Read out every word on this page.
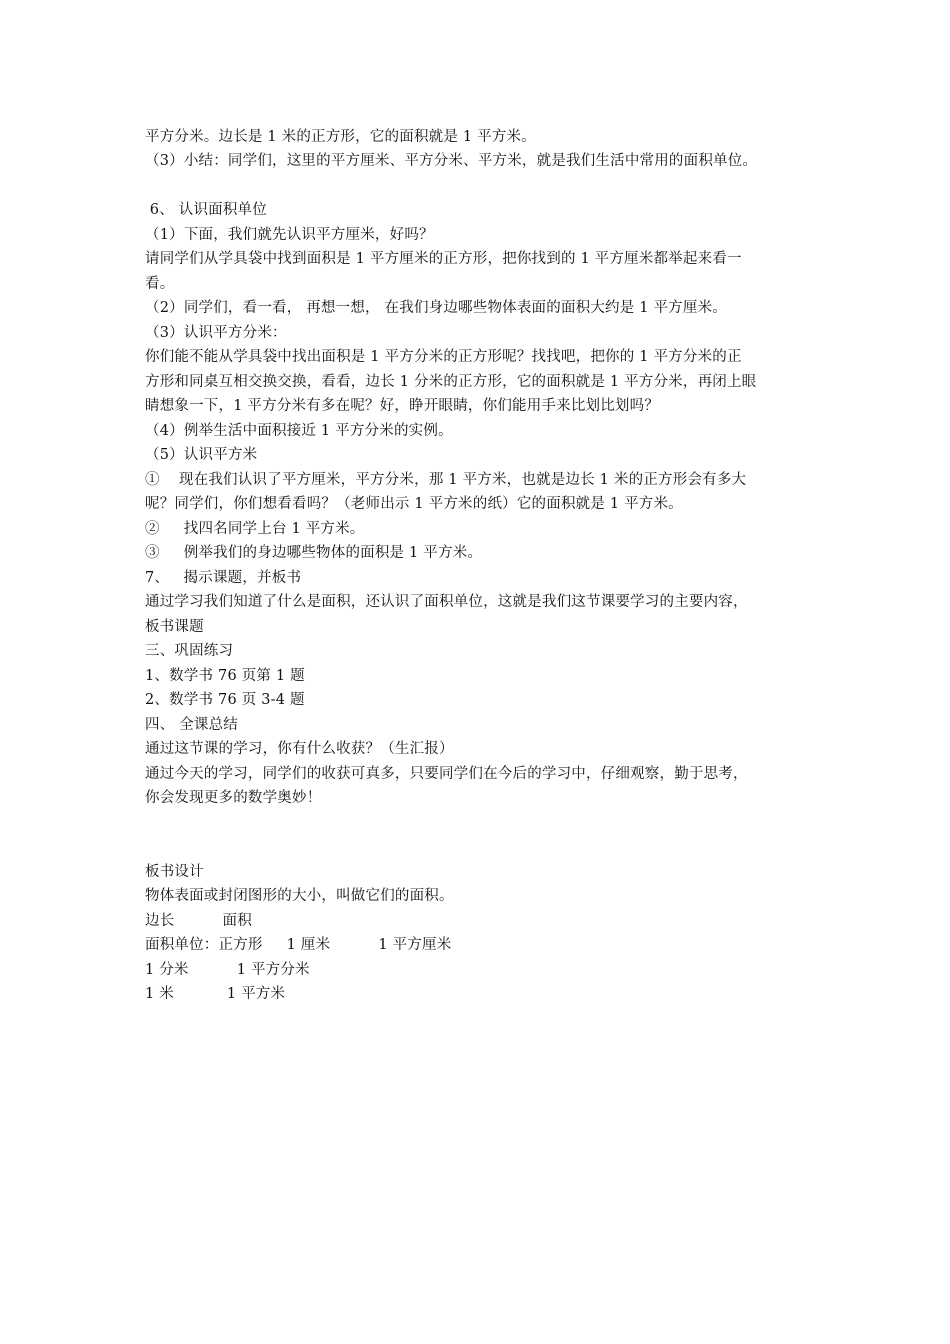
平方分米。边长是 1 米的正方形，它的面积就是 1 平方米。
（3）小结：同学们，这里的平方厘米、平方分米、平方米，就是我们生活中常用的面积单位。
6、 认识面积单位
（1）下面，我们就先认识平方厘米，好吗？
请同学们从学具袋中找到面积是 1 平方厘米的正方形，把你找到的 1 平方厘米都举起来看一
看。
（2）同学们，看一看， 再想一想， 在我们身边哪些物体表面的面积大约是 1 平方厘米。
（3）认识平方分米：
你们能不能从学具袋中找出面积是 1 平方分米的正方形呢？找找吧，把你的 1 平方分米的正
方形和同桌互相交换交换，看看，边长 1 分米的正方形，它的面积就是 1 平方分米，再闭上眼
睛想象一下，1 平方分米有多在呢？好，睁开眼睛，你们能用手来比划比划吗？
（4）例举生活中面积接近 1 平方分米的实例。
（5）认识平方米
①    现在我们认识了平方厘米，平方分米，那 1 平方米，也就是边长 1 米的正方形会有多大
呢？同学们，你们想看看吗？（老师出示 1 平方米的纸）它的面积就是 1 平方米。
②     找四名同学上台 1 平方米。
③     例举我们的身边哪些物体的面积是 1 平方米。
7、   揭示课题，并板书
通过学习我们知道了什么是面积，还认识了面积单位，这就是我们这节课要学习的主要内容，
板书课题
三、巩固练习
1、数学书 76 页第 1 题
2、数学书 76 页 3-4 题
四、 全课总结
通过这节课的学习，你有什么收获？（生汇报）
通过今天的学习，同学们的收获可真多，只要同学们在今后的学习中，仔细观察，勤于思考，
你会发现更多的数学奥妙！
板书设计
物体表面或封闭图形的大小，叫做它们的面积。
边长          面积
面积单位：正方形     1 厘米          1 平方厘米
1 分米          1 平方分米
1 米           1 平方米
